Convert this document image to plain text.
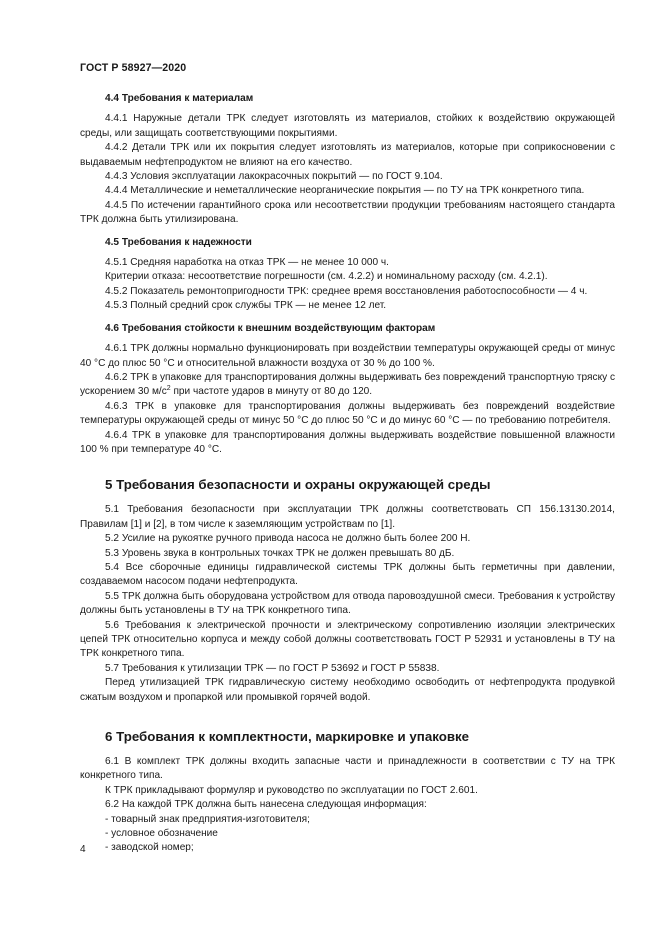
ГОСТ Р 58927—2020
4.4 Требования к материалам

4.4.1 Наружные детали ТРК следует изготовлять из материалов, стойких к воздействию окружающей среды, или защищать соответствующими покрытиями.

4.4.2 Детали ТРК или их покрытия следует изготовлять из материалов, которые при соприкосновении с выдаваемым нефтепродуктом не влияют на его качество.

4.4.3 Условия эксплуатации лакокрасочных покрытий — по ГОСТ 9.104.

4.4.4 Металлические и неметаллические неорганические покрытия — по ТУ на ТРК конкретного типа.

4.4.5 По истечении гарантийного срока или несоответствии продукции требованиям настоящего стандарта ТРК должна быть утилизирована.

4.5 Требования к надежности

4.5.1 Средняя наработка на отказ ТРК — не менее 10 000 ч.

Критерии отказа: несоответствие погрешности (см. 4.2.2) и номинальному расходу (см. 4.2.1).

4.5.2 Показатель ремонтопригодности ТРК: среднее время восстановления работоспособности — 4 ч.

4.5.3 Полный средний срок службы ТРК — не менее 12 лет.

4.6 Требования стойкости к внешним воздействующим факторам

4.6.1 ТРК должны нормально функционировать при воздействии температуры окружающей среды от минус 40 °С до плюс 50 °С и относительной влажности воздуха от 30 % до 100 %.

4.6.2 ТРК в упаковке для транспортирования должны выдерживать без повреждений транспортную тряску с ускорением 30 $м/с^2$ при частоте ударов в минуту от 80 до 120.

4.6.3 ТРК в упаковке для транспортирования должны выдерживать без повреждений воздействие температуры окружающей среды от минус 50 °С до плюс 50 °С и до минус 60 °С — по требованию потребителя.

4.6.4 ТРК в упаковке для транспортирования должны выдерживать воздействие повышенной влажности 100 % при температуре 40 °С.

5 Требования безопасности и охраны окружающей среды

5.1 Требования безопасности при эксплуатации ТРК должны соответствовать СП 156.13130.2014, Правилам [1] и [2], в том числе к заземляющим устройствам по [1].

5.2 Усилие на рукоятке ручного привода насоса не должно быть более 200 Н.

5.3 Уровень звука в контрольных точках ТРК не должен превышать 80 дБ.

5.4 Все сборочные единицы гидравлической системы ТРК должны быть герметичны при давлении, создаваемом насосом подачи нефтепродукта.

5.5 ТРК должна быть оборудована устройством для отвода паровоздушной смеси. Требования к устройству должны быть установлены в ТУ на ТРК конкретного типа.

5.6 Требования к электрической прочности и электрическому сопротивлению изоляции электрических цепей ТРК относительно корпуса и между собой должны соответствовать ГОСТ Р 52931 и установлены в ТУ на ТРК конкретного типа.

5.7 Требования к утилизации ТРК — по ГОСТ Р 53692 и ГОСТ Р 55838.

Перед утилизацией ТРК гидравлическую систему необходимо освободить от нефтепродукта продувкой сжатым воздухом и пропаркой или промывкой горячей водой.

6 Требования к комплектности, маркировке и упаковке

6.1 В комплект ТРК должны входить запасные части и принадлежности в соответствии с ТУ на ТРК конкретного типа.

К ТРК прикладывают формуляр и руководство по эксплуатации по ГОСТ 2.601.

6.2 На каждой ТРК должна быть нанесена следующая информация:

- товарный знак предприятия-изготовителя;

- условное обозначение

- заводской номер;

4
